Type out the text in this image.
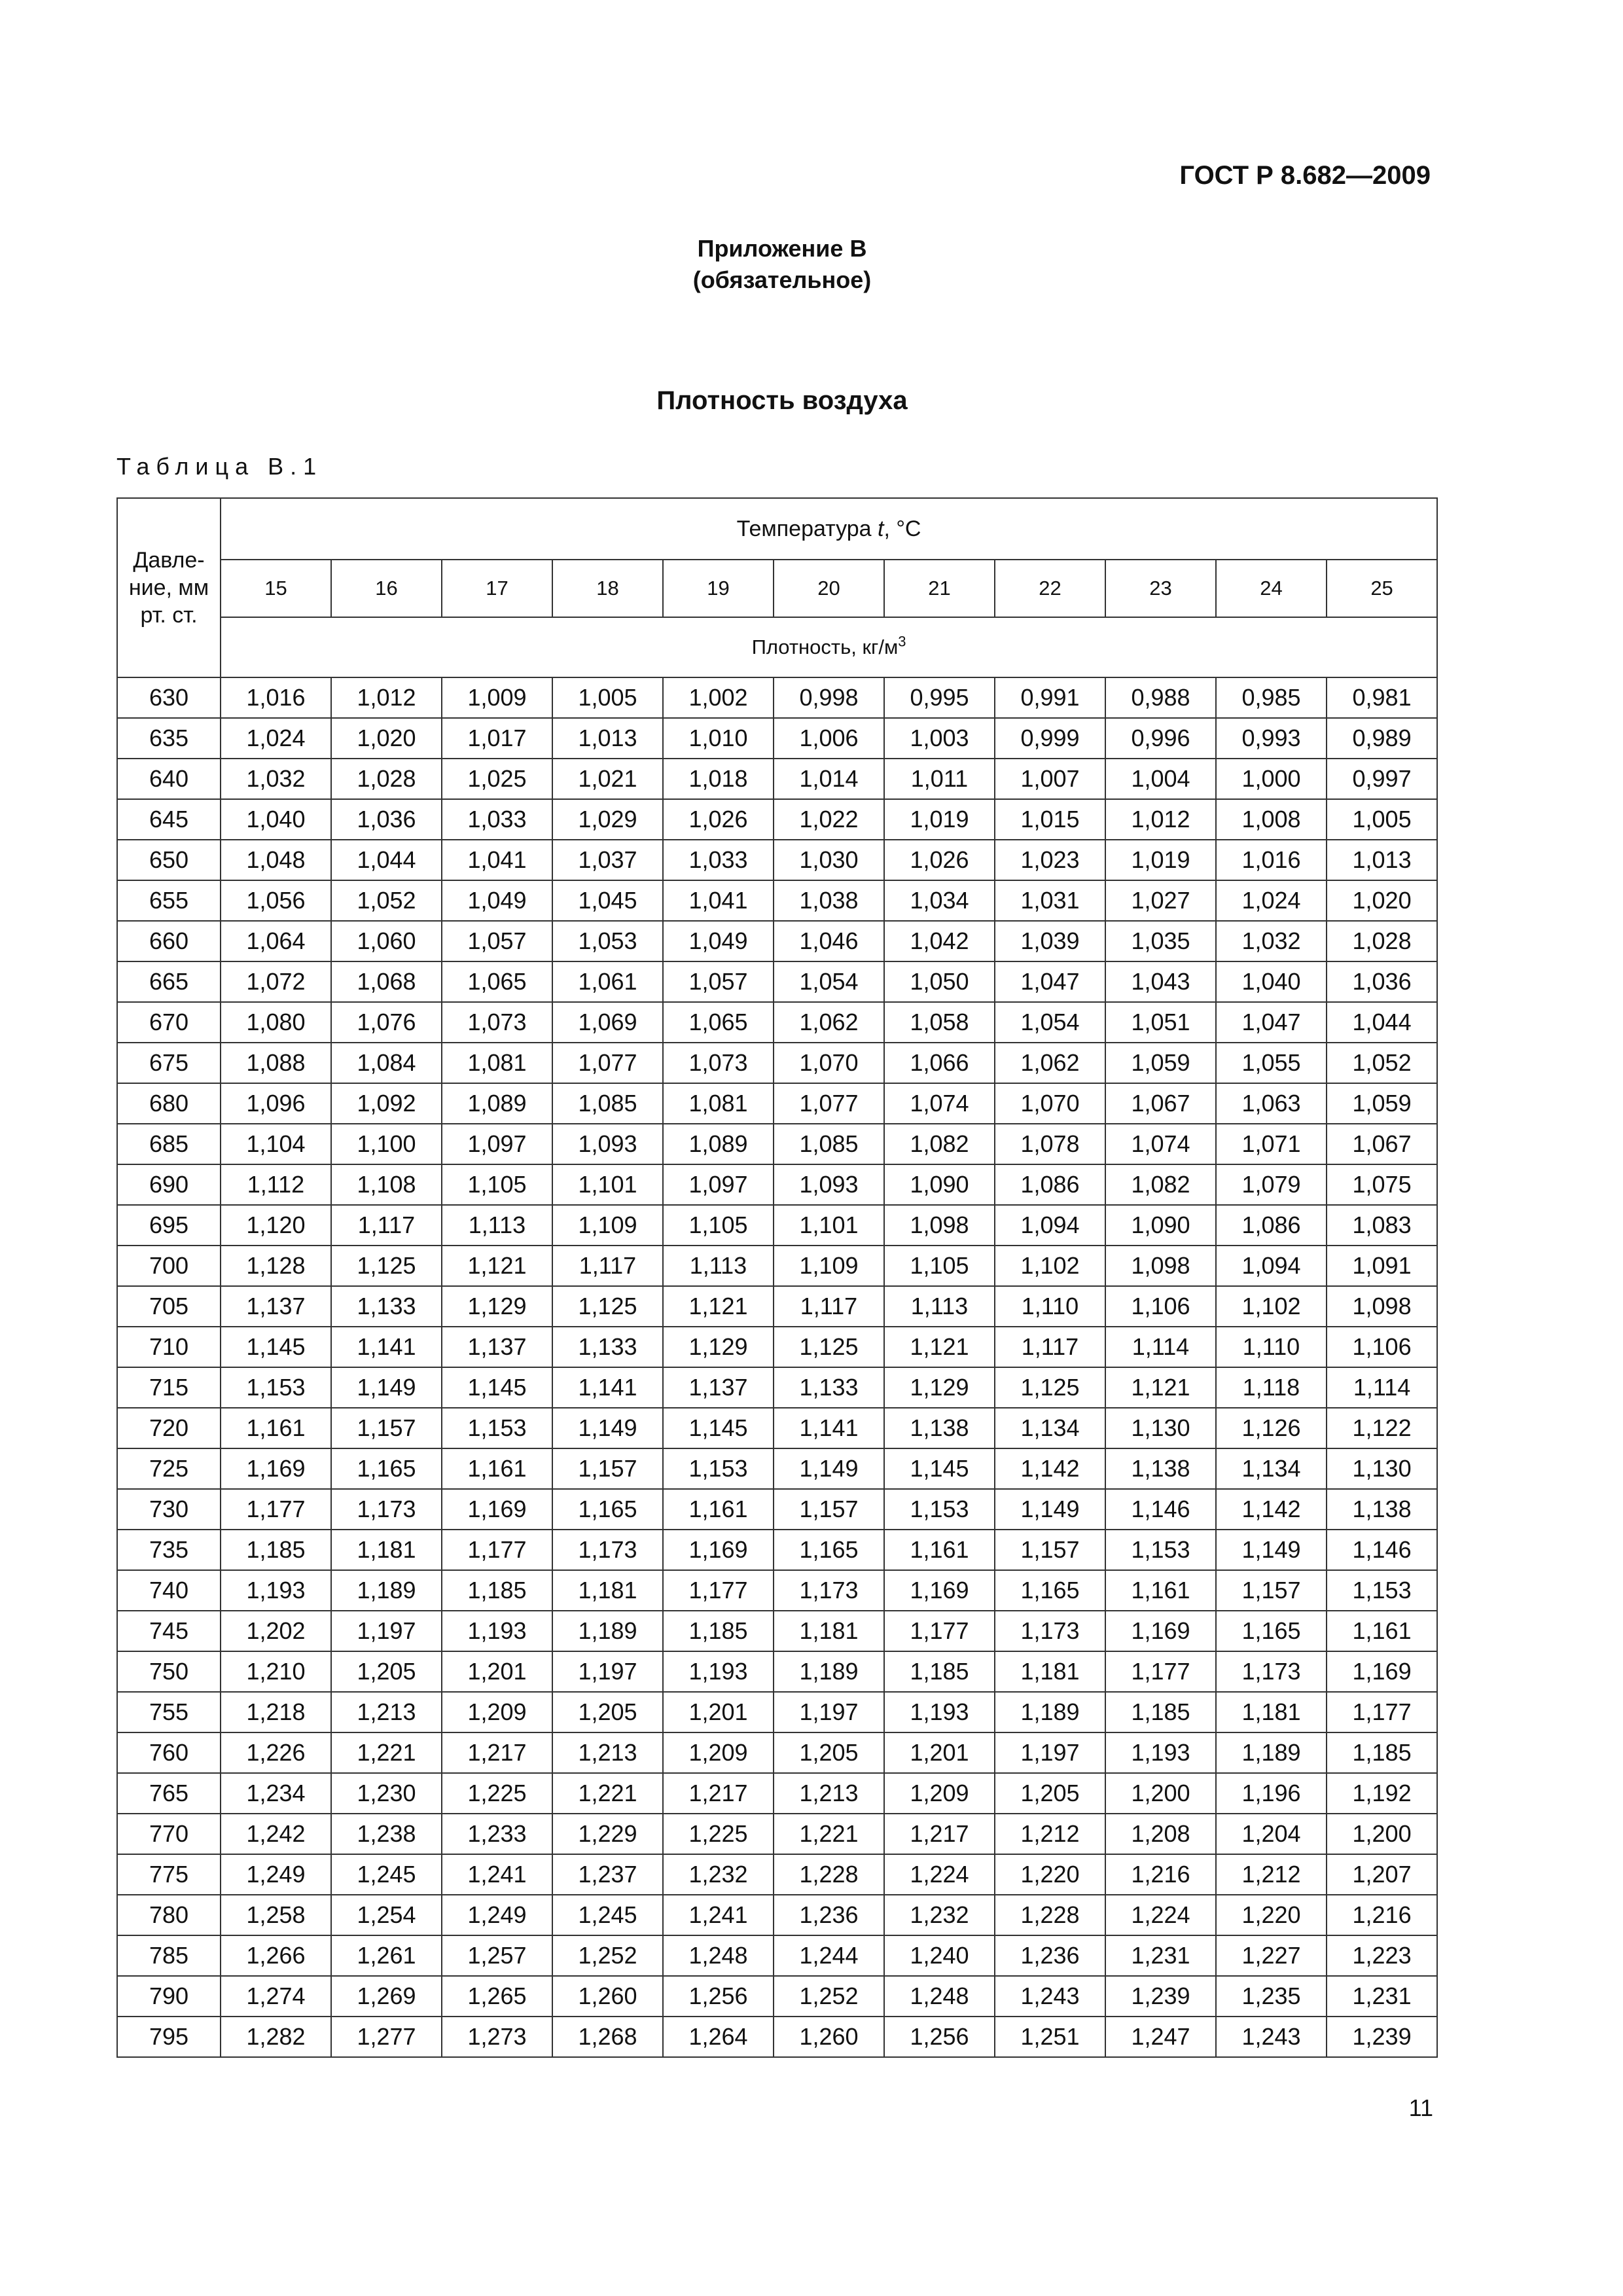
ГОСТ Р 8.682—2009
Приложение В
(обязательное)
Плотность воздуха
Таблица В.1
Давле-
ние, мм
рт. ст.	Температура t, °С										
	15	16	17	18	19	20	21	22	23	24	25
	Плотность, $кг/м^3$
630	1,016	1,012	1,009	1,005	1,002	0,998	0,995	0,991	0,988	0,985	0,981
635	1,024	1,020	1,017	1,013	1,010	1,006	1,003	0,999	0,996	0,993	0,989
640	1,032	1,028	1,025	1,021	1,018	1,014	1,011	1,007	1,004	1,000	0,997
645	1,040	1,036	1,033	1,029	1,026	1,022	1,019	1,015	1,012	1,008	1,005
650	1,048	1,044	1,041	1,037	1,033	1,030	1,026	1,023	1,019	1,016	1,013
655	1,056	1,052	1,049	1,045	1,041	1,038	1,034	1,031	1,027	1,024	1,020
660	1,064	1,060	1,057	1,053	1,049	1,046	1,042	1,039	1,035	1,032	1,028
665	1,072	1,068	1,065	1,061	1,057	1,054	1,050	1,047	1,043	1,040	1,036
670	1,080	1,076	1,073	1,069	1,065	1,062	1,058	1,054	1,051	1,047	1,044
675	1,088	1,084	1,081	1,077	1,073	1,070	1,066	1,062	1,059	1,055	1,052
680	1,096	1,092	1,089	1,085	1,081	1,077	1,074	1,070	1,067	1,063	1,059
685	1,104	1,100	1,097	1,093	1,089	1,085	1,082	1,078	1,074	1,071	1,067
690	1,112	1,108	1,105	1,101	1,097	1,093	1,090	1,086	1,082	1,079	1,075
695	1,120	1,117	1,113	1,109	1,105	1,101	1,098	1,094	1,090	1,086	1,083
700	1,128	1,125	1,121	1,117	1,113	1,109	1,105	1,102	1,098	1,094	1,091
705	1,137	1,133	1,129	1,125	1,121	1,117	1,113	1,110	1,106	1,102	1,098
710	1,145	1,141	1,137	1,133	1,129	1,125	1,121	1,117	1,114	1,110	1,106
715	1,153	1,149	1,145	1,141	1,137	1,133	1,129	1,125	1,121	1,118	1,114
720	1,161	1,157	1,153	1,149	1,145	1,141	1,138	1,134	1,130	1,126	1,122
725	1,169	1,165	1,161	1,157	1,153	1,149	1,145	1,142	1,138	1,134	1,130
730	1,177	1,173	1,169	1,165	1,161	1,157	1,153	1,149	1,146	1,142	1,138
735	1,185	1,181	1,177	1,173	1,169	1,165	1,161	1,157	1,153	1,149	1,146
740	1,193	1,189	1,185	1,181	1,177	1,173	1,169	1,165	1,161	1,157	1,153
745	1,202	1,197	1,193	1,189	1,185	1,181	1,177	1,173	1,169	1,165	1,161
750	1,210	1,205	1,201	1,197	1,193	1,189	1,185	1,181	1,177	1,173	1,169
755	1,218	1,213	1,209	1,205	1,201	1,197	1,193	1,189	1,185	1,181	1,177
760	1,226	1,221	1,217	1,213	1,209	1,205	1,201	1,197	1,193	1,189	1,185
765	1,234	1,230	1,225	1,221	1,217	1,213	1,209	1,205	1,200	1,196	1,192
770	1,242	1,238	1,233	1,229	1,225	1,221	1,217	1,212	1,208	1,204	1,200
775	1,249	1,245	1,241	1,237	1,232	1,228	1,224	1,220	1,216	1,212	1,207
780	1,258	1,254	1,249	1,245	1,241	1,236	1,232	1,228	1,224	1,220	1,216
785	1,266	1,261	1,257	1,252	1,248	1,244	1,240	1,236	1,231	1,227	1,223
790	1,274	1,269	1,265	1,260	1,256	1,252	1,248	1,243	1,239	1,235	1,231
795	1,282	1,277	1,273	1,268	1,264	1,260	1,256	1,251	1,247	1,243	1,239
11
